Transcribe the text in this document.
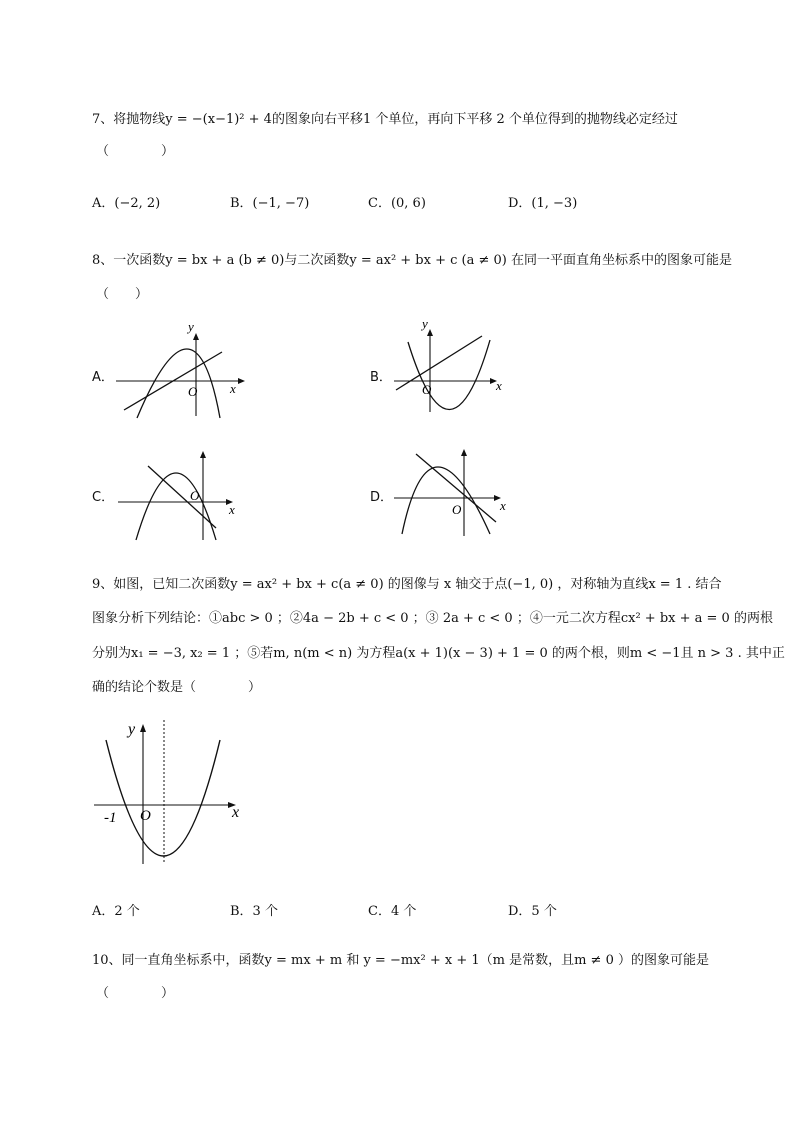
7、将抛物线y = −(x−1)² + 4的图象向右平移1 个单位，再向下平移 2 个单位得到的抛物线必定经过
（　　　　）
A．(−2, 2)	B．(−1, −7)	C．(0, 6)	D．(1, −3)
8、一次函数y = bx + a (b ≠ 0)与二次函数y = ax² + bx + c (a ≠ 0) 在同一平面直角坐标系中的图象可能是
（　　）
A．
y
x
O
B．
y
x
O
C．	O
x
D．
O	x
9、如图，已知二次函数y = ax² + bx + c(a ≠ 0) 的图像与 x 轴交于点(−1, 0) ，对称轴为直线x = 1 . 结合
图象分析下列结论：①abc > 0 ；②4a − 2b + c < 0 ；③ 2a + c < 0 ；④一元二次方程cx² + bx + a = 0 的两根
分别为x₁ = −3, x₂ = 1 ；⑤若m, n(m < n) 为方程a(x + 1)(x − 3) + 1 = 0 的两个根，则m < −1且 n > 3 . 其中正
确的结论个数是（　　　　）
y
x
O
-1
A．2 个	B．3 个	C．4 个	D．5 个
10、同一直角坐标系中，函数y = mx + m 和 y = −mx² + x + 1（m 是常数，且m ≠ 0 ）的图象可能是
（　　　　）
